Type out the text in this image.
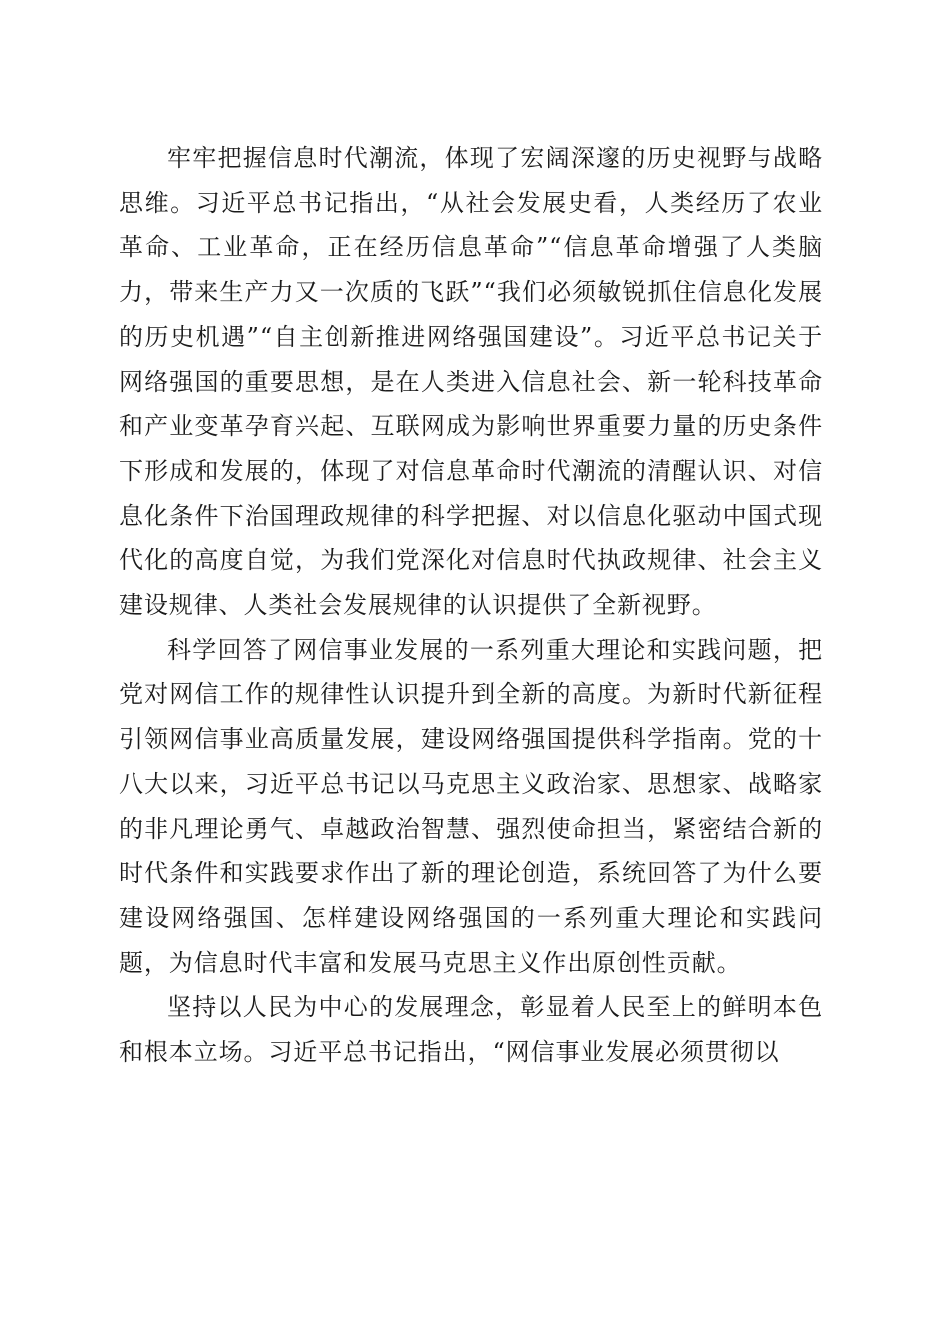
牢牢把握信息时代潮流，体现了宏阔深邃的历史视野与战略思维。习近平总书记指出，“从社会发展史看，人类经历了农业革命、工业革命，正在经历信息革命”“信息革命增强了人类脑力，带来生产力又一次质的飞跃”“我们必须敏锐抓住信息化发展的历史机遇”“自主创新推进网络强国建设”。习近平总书记关于网络强国的重要思想，是在人类进入信息社会、新一轮科技革命和产业变革孕育兴起、互联网成为影响世界重要力量的历史条件下形成和发展的，体现了对信息革命时代潮流的清醒认识、对信息化条件下治国理政规律的科学把握、对以信息化驱动中国式现代化的高度自觉，为我们党深化对信息时代执政规律、社会主义建设规律、人类社会发展规律的认识提供了全新视野。

科学回答了网信事业发展的一系列重大理论和实践问题，把党对网信工作的规律性认识提升到全新的高度。为新时代新征程引领网信事业高质量发展，建设网络强国提供科学指南。党的十八大以来，习近平总书记以马克思主义政治家、思想家、战略家的非凡理论勇气、卓越政治智慧、强烈使命担当，紧密结合新的时代条件和实践要求作出了新的理论创造，系统回答了为什么要建设网络强国、怎样建设网络强国的一系列重大理论和实践问题，为信息时代丰富和发展马克思主义作出原创性贡献。

坚持以人民为中心的发展理念，彰显着人民至上的鲜明本色和根本立场。习近平总书记指出，“网信事业发展必须贯彻以
